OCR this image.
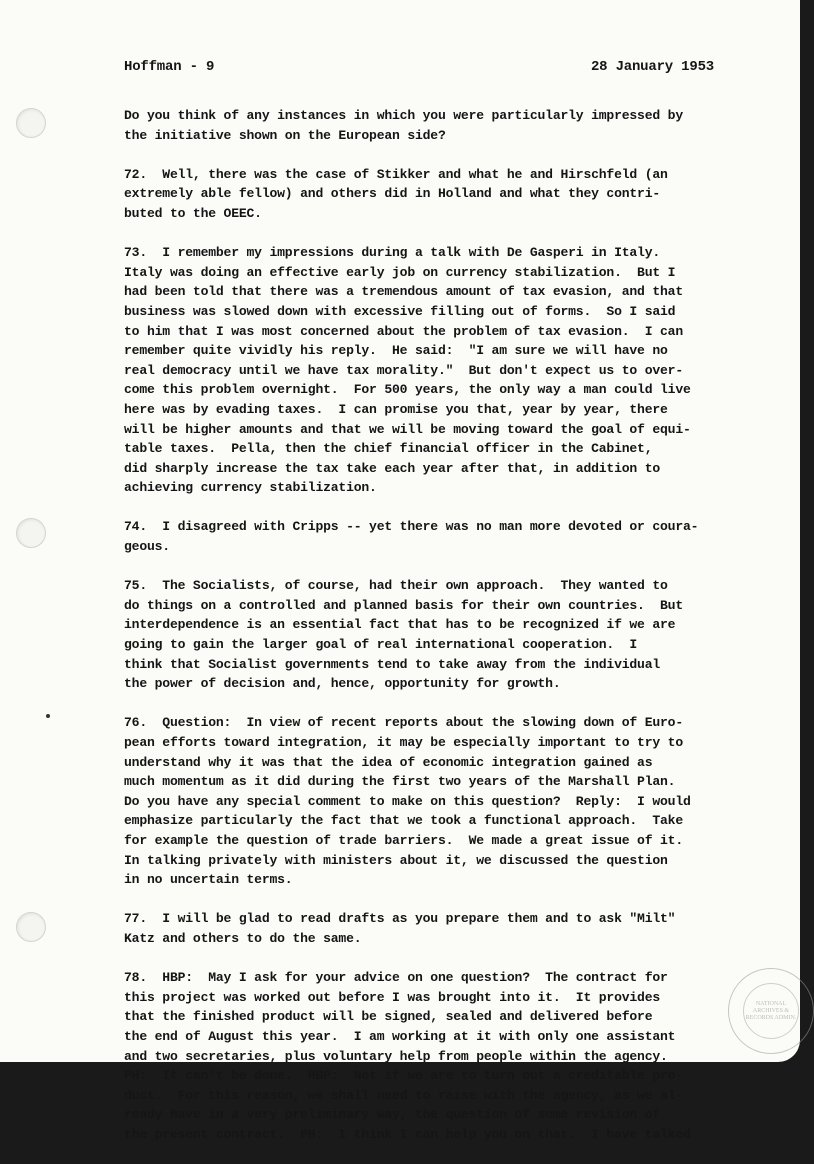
Hoffman - 9	28 January 1953
Do you think of any instances in which you were particularly impressed by
the initiative shown on the European side?
72.  Well, there was the case of Stikker and what he and Hirschfeld (an
extremely able fellow) and others did in Holland and what they contri-
buted to the OEEC.
73.  I remember my impressions during a talk with De Gasperi in Italy.
Italy was doing an effective early job on currency stabilization.  But I
had been told that there was a tremendous amount of tax evasion, and that
business was slowed down with excessive filling out of forms.  So I said
to him that I was most concerned about the problem of tax evasion.  I can
remember quite vividly his reply.  He said:  "I am sure we will have no
real democracy until we have tax morality."  But don't expect us to over-
come this problem overnight.  For 500 years, the only way a man could live
here was by evading taxes.  I can promise you that, year by year, there
will be higher amounts and that we will be moving toward the goal of equi-
table taxes.  Pella, then the chief financial officer in the Cabinet,
did sharply increase the tax take each year after that, in addition to
achieving currency stabilization.
74.  I disagreed with Cripps -- yet there was no man more devoted or coura-
geous.
75.  The Socialists, of course, had their own approach.  They wanted to
do things on a controlled and planned basis for their own countries.  But
interdependence is an essential fact that has to be recognized if we are
going to gain the larger goal of real international cooperation.  I
think that Socialist governments tend to take away from the individual
the power of decision and, hence, opportunity for growth.
76.  Question:  In view of recent reports about the slowing down of Euro-
pean efforts toward integration, it may be especially important to try to
understand why it was that the idea of economic integration gained as
much momentum as it did during the first two years of the Marshall Plan.
Do you have any special comment to make on this question?  Reply:  I would
emphasize particularly the fact that we took a functional approach.  Take
for example the question of trade barriers.  We made a great issue of it.
In talking privately with ministers about it, we discussed the question
in no uncertain terms.
77.  I will be glad to read drafts as you prepare them and to ask "Milt"
Katz and others to do the same.
78.  HBP:  May I ask for your advice on one question?  The contract for
this project was worked out before I was brought into it.  It provides
that the finished product will be signed, sealed and delivered before
the end of August this year.  I am working at it with only one assistant
and two secretaries, plus voluntary help from people within the agency.
PH:  It can't be done.  HBP:  Not if we are to turn out a creditable pro-
duct.  For this reason, we shall need to raise with the agency, as we al-
ready have in a very preliminary way, the question of some revision of
the present contract.  PH:  I think I can help you on that.  I have talked
NATIONAL ARCHIVES & RECORDS ADMIN.
